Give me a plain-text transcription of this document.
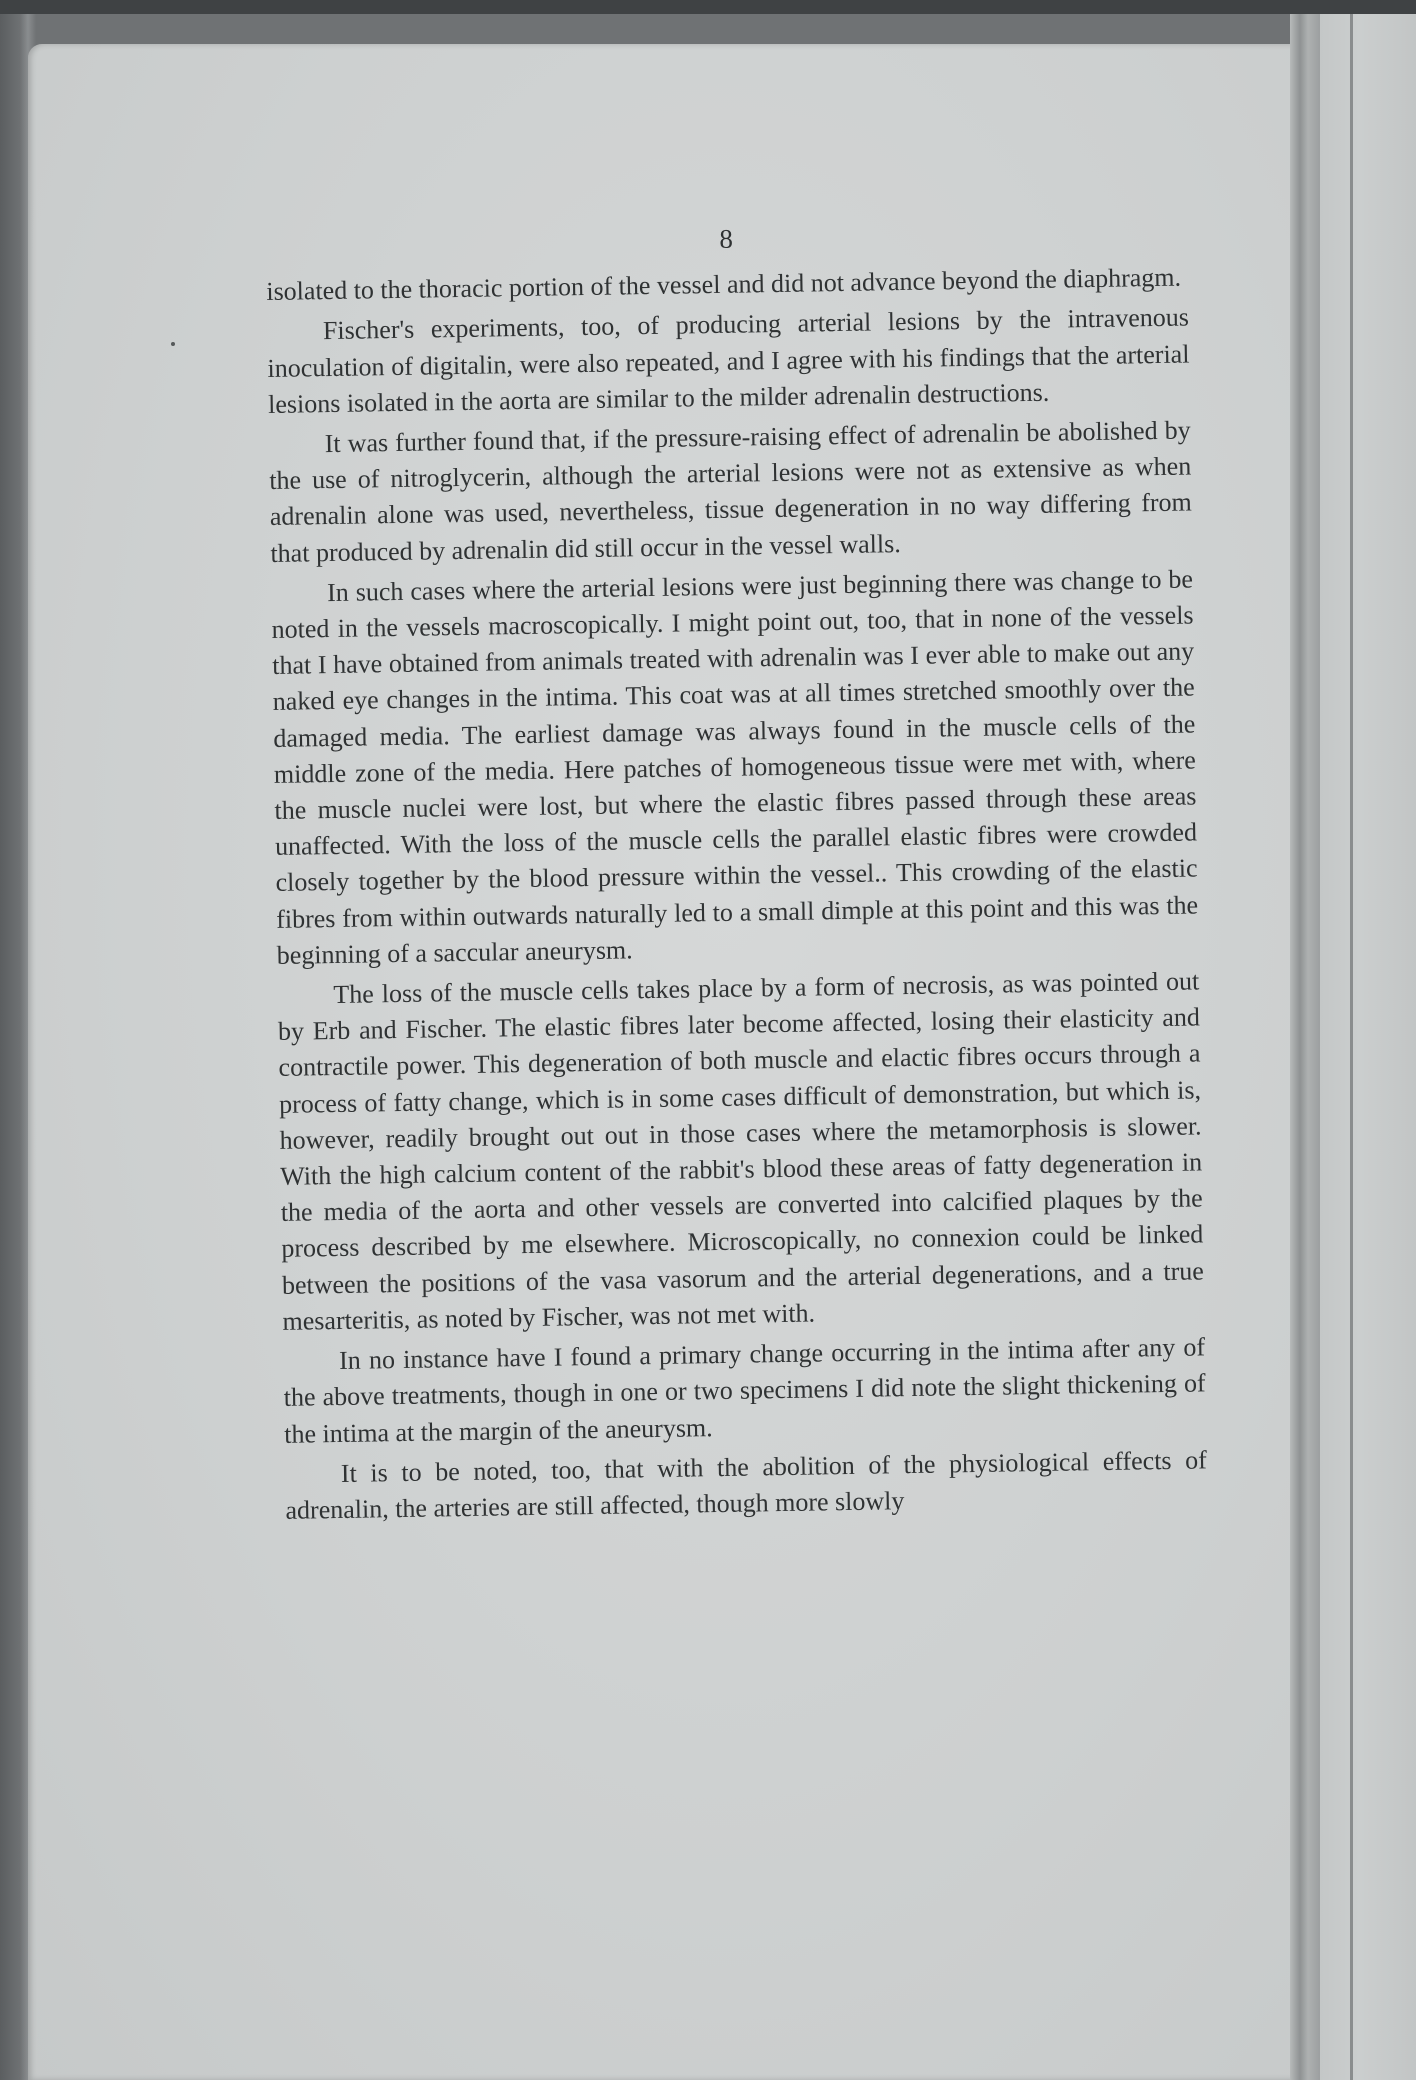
8

isolated to the thoracic portion of the vessel and did not advance beyond the diaphragm.

Fischer's experiments, too, of producing arterial lesions by the intravenous inoculation of digitalin, were also repeated, and I agree with his findings that the arterial lesions isolated in the aorta are similar to the milder adrenalin destructions.

It was further found that, if the pressure-raising effect of adrenalin be abolished by the use of nitroglycerin, although the arterial lesions were not as extensive as when adrenalin alone was used, nevertheless, tissue degeneration in no way differing from that produced by adrenalin did still occur in the vessel walls.

In such cases where the arterial lesions were just beginning there was change to be noted in the vessels macroscopically. I might point out, too, that in none of the vessels that I have obtained from animals treated with adrenalin was I ever able to make out any naked eye changes in the intima. This coat was at all times stretched smoothly over the damaged media. The earliest damage was always found in the muscle cells of the middle zone of the media. Here patches of homogeneous tissue were met with, where the muscle nuclei were lost, but where the elastic fibres passed through these areas unaffected. With the loss of the muscle cells the parallel elastic fibres were crowded closely together by the blood pressure within the vessel.. This crowding of the elastic fibres from within outwards naturally led to a small dimple at this point and this was the beginning of a saccular aneurysm.

The loss of the muscle cells takes place by a form of necrosis, as was pointed out by Erb and Fischer. The elastic fibres later become affected, losing their elasticity and contractile power. This degeneration of both muscle and elactic fibres occurs through a process of fatty change, which is in some cases difficult of demonstration, but which is, however, readily brought out out in those cases where the metamorphosis is slower. With the high calcium content of the rabbit's blood these areas of fatty degeneration in the media of the aorta and other vessels are converted into calcified plaques by the process described by me elsewhere. Microscopically, no connexion could be linked between the positions of the vasa vasorum and the arterial degenerations, and a true mesarteritis, as noted by Fischer, was not met with.

In no instance have I found a primary change occurring in the intima after any of the above treatments, though in one or two specimens I did note the slight thickening of the intima at the margin of the aneurysm.

It is to be noted, too, that with the abolition of the physiological effects of adrenalin, the arteries are still affected, though more slowly
